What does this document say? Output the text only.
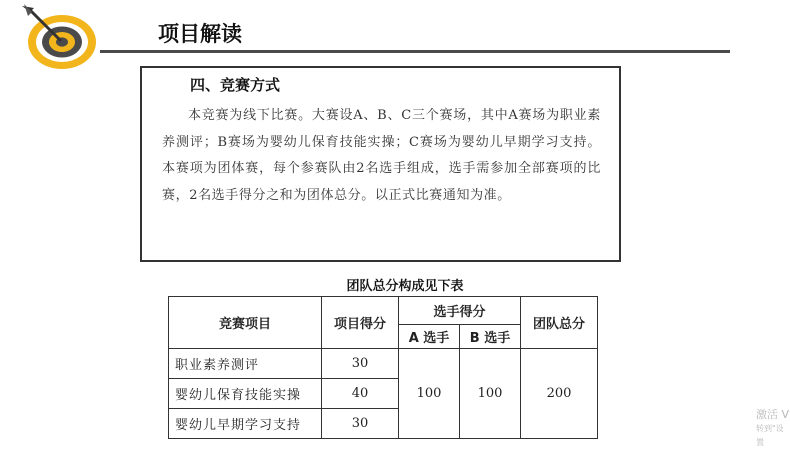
项目解读
四、竞赛方式

本竞赛为线下比赛。大赛设A、B、C三个赛场，其中A赛场为职业素养测评；B赛场为婴幼儿保育技能实操；C赛场为婴幼儿早期学习支持。本赛项为团体赛，每个参赛队由2名选手组成，选手需参加全部赛项的比赛，2名选手得分之和为团体总分。以正式比赛通知为准。

团队总分构成见下表
竞赛项目	项目得分	选手得分		团队总分
		A 选手	B 选手	
职业素养测评	30	100	100	200
婴幼儿保育技能实操	40			
婴幼儿早期学习支持	30			
激活 V
转到"设置
